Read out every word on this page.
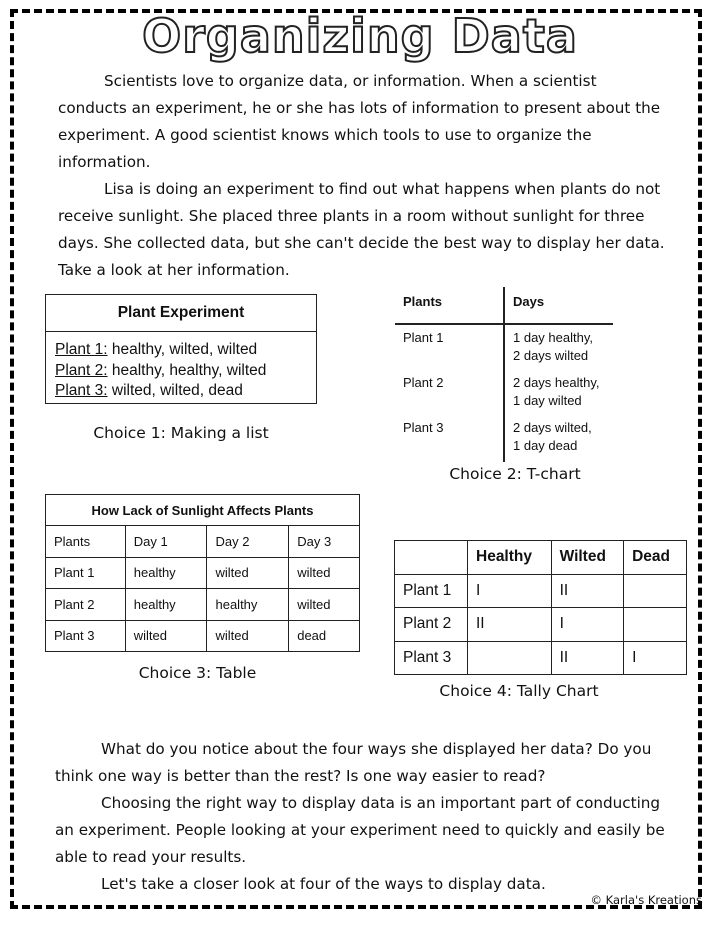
Organizing Data

Scientists love to organize data, or information. When a scientist conducts an experiment, he or she has lots of information to present about the experiment. A good scientist knows which tools to use to organize the information.

Lisa is doing an experiment to find out what happens when plants do not receive sunlight. She placed three plants in a room without sunlight for three days. She collected data, but she can't decide the best way to display her data. Take a look at her information.

Plant Experiment
Plant 1: healthy, wilted, wilted
Plant 2: healthy, healthy, wilted
Plant 3: wilted, wilted, dead
Choice 1: Making a list
Plants	Days
Plant 1	1 day healthy,
2 days wilted
Plant 2	2 days healthy,
1 day wilted
Plant 3	2 days wilted,
1 day dead
Choice 2: T-chart
How Lack of Sunlight Affects Plants			
Plants	Day 1	Day 2	Day 3
Plant 1	healthy	wilted	wilted
Plant 2	healthy	healthy	wilted
Plant 3	wilted	wilted	dead
Choice 3: Table
	Healthy	Wilted	Dead
Plant 1	I	II	
Plant 2	II	I	
Plant 3		II	I
Choice 4: Tally Chart

What do you notice about the four ways she displayed her data? Do you think one way is better than the rest? Is one way easier to read?

Choosing the right way to display data is an important part of conducting an experiment. People looking at your experiment need to quickly and easily be able to read your results.

Let's take a closer look at four of the ways to display data.

© Karla's Kreations
